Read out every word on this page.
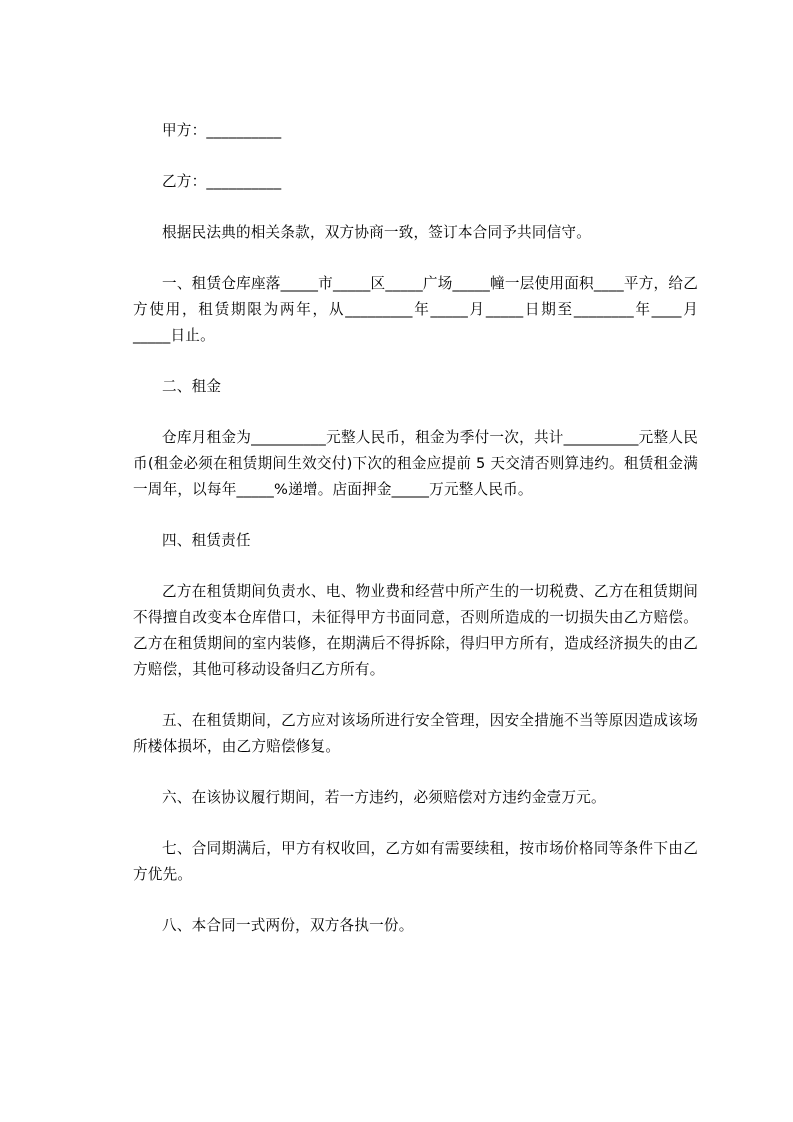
甲方：__________

乙方：__________

根据民法典的相关条款，双方协商一致，签订本合同予共同信守。

一、租赁仓库座落_____市_____区_____广场_____幢一层使用面积____平方，给乙方使用，租赁期限为两年，从_________年_____月_____日期至________年____月_____日止。

二、租金

仓库月租金为__________元整人民币，租金为季付一次，共计__________元整人民币(租金必须在租赁期间生效交付)下次的租金应提前 5 天交清否则算违约。租赁租金满一周年，以每年_____%递增。店面押金_____万元整人民币。

四、租赁责任

乙方在租赁期间负责水、电、物业费和经营中所产生的一切税费、乙方在租赁期间不得擅自改变本仓库借口，未征得甲方书面同意，否则所造成的一切损失由乙方赔偿。乙方在租赁期间的室内装修，在期满后不得拆除，得归甲方所有，造成经济损失的由乙方赔偿，其他可移动设备归乙方所有。

五、在租赁期间，乙方应对该场所进行安全管理，因安全措施不当等原因造成该场所楼体损坏，由乙方赔偿修复。

六、在该协议履行期间，若一方违约，必须赔偿对方违约金壹万元。

七、合同期满后，甲方有权收回，乙方如有需要续租，按市场价格同等条件下由乙方优先。

八、本合同一式两份，双方各执一份。
